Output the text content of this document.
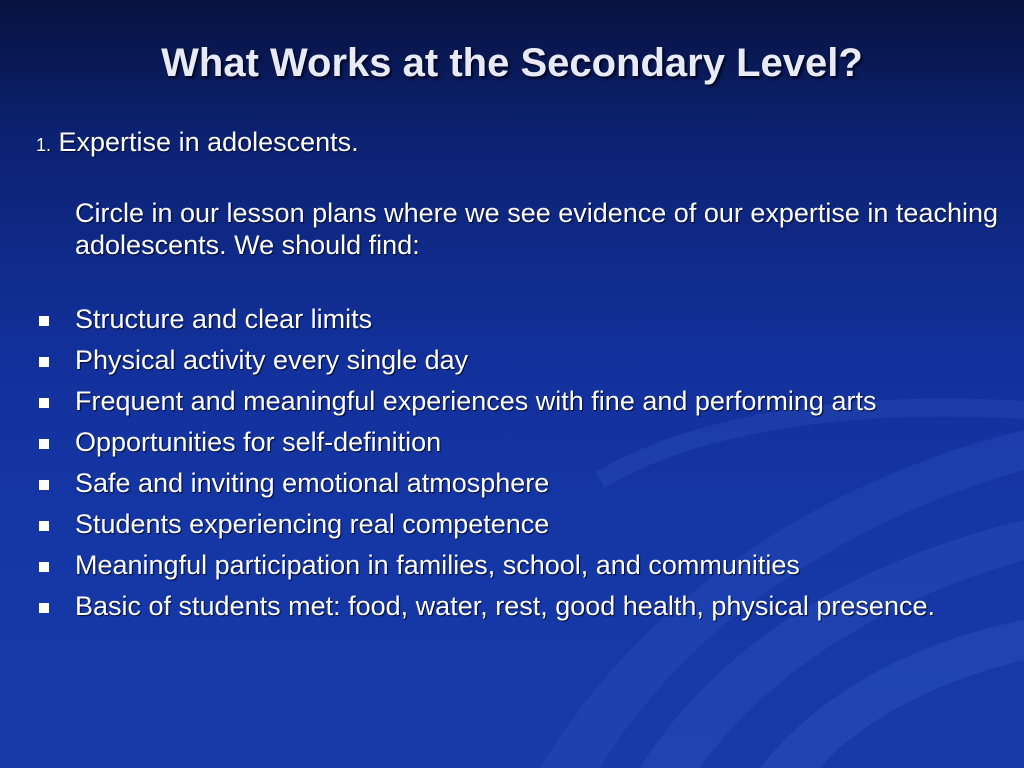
What Works at the Secondary Level?

1. Expertise in adolescents.

Circle in our lesson plans where we see evidence of our expertise in teaching adolescents. We should find:
Structure and clear limits
Physical activity every single day
Frequent and meaningful experiences with fine and performing arts
Opportunities for self-definition
Safe and inviting emotional atmosphere
Students experiencing real competence
Meaningful participation in families, school, and communities
Basic of students met: food, water, rest, good health, physical presence.
